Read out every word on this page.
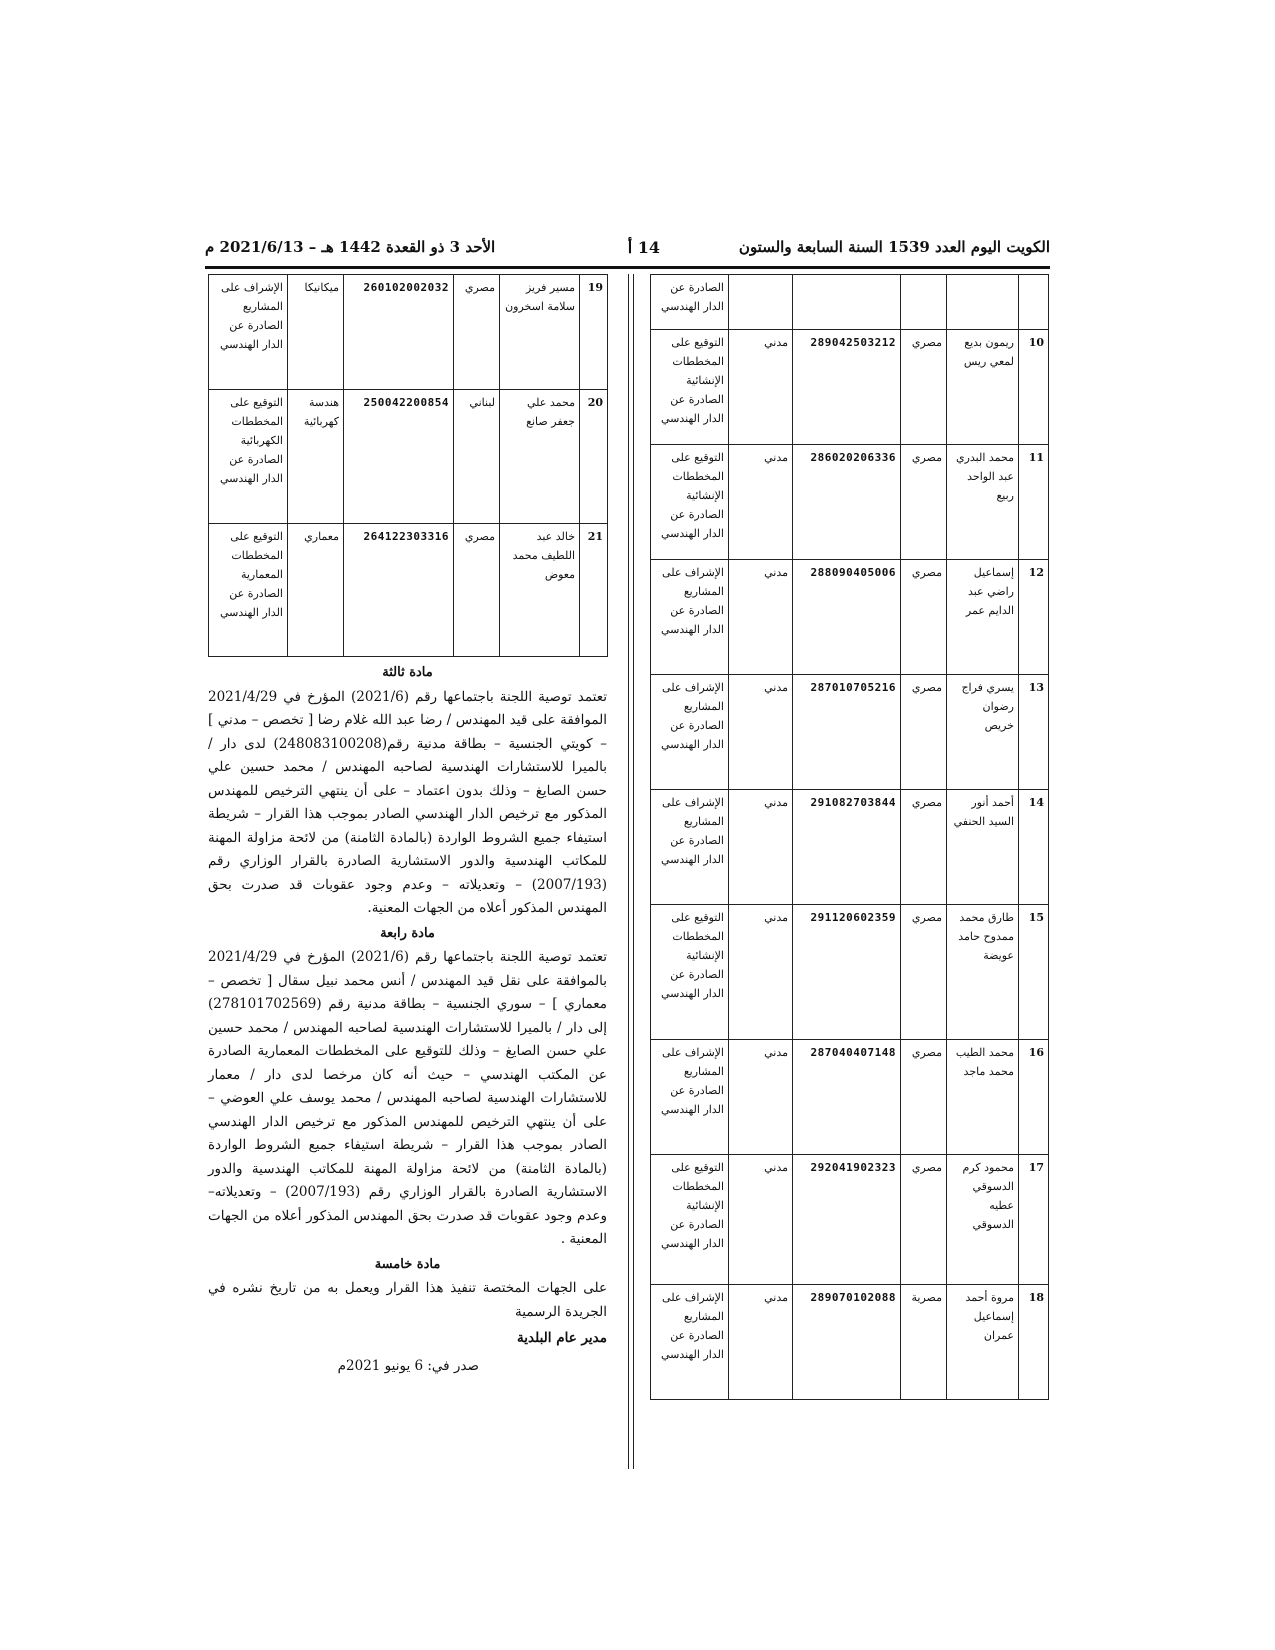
الكويت اليوم العدد 1539 السنة السابعة والستون
14 أ
الأحد 3 ذو القعدة 1442 هـ – 2021/6/13 م
					الصادرة عن الدار الهندسي
10	ريمون بديع لمعي ريس	مصري	289042503212	مدني	التوقيع على المخططات الإنشائية الصادرة عن الدار الهندسي
11	محمد البدري عبد الواحد ربيع	مصري	286020206336	مدني	التوقيع على المخططات الإنشائية الصادرة عن الدار الهندسي
12	إسماعيل راضي عبد الدايم عمر	مصري	288090405006	مدني	الإشراف على المشاريع الصادرة عن الدار الهندسي
13	يسري فراج رضوان خريص	مصري	287010705216	مدني	الإشراف على المشاريع الصادرة عن الدار الهندسي
14	أحمد أنور السيد الحنفي	مصري	291082703844	مدني	الإشراف على المشاريع الصادرة عن الدار الهندسي
15	طارق محمد ممدوح حامد عويضة	مصري	291120602359	مدني	التوقيع على المخططات الإنشائية الصادرة عن الدار الهندسي
16	محمد الطيب محمد ماجد	مصري	287040407148	مدني	الإشراف على المشاريع الصادرة عن الدار الهندسي
17	محمود كرم الدسوقي عطيه الدسوقي	مصري	292041902323	مدني	التوقيع على المخططات الإنشائية الصادرة عن الدار الهندسي
18	مروة أحمد إسماعيل عمران	مصرية	289070102088	مدني	الإشراف على المشاريع الصادرة عن الدار الهندسي
19	مسير فريز سلامة اسخرون	مصري	260102002032	ميكانيكا	الإشراف على المشاريع الصادرة عن الدار الهندسي
20	محمد علي جعفر صانع	لبناني	250042200854	هندسة كهربائية	التوقيع على المخططات الكهربائية الصادرة عن الدار الهندسي
21	خالد عبد اللطيف محمد معوض	مصري	264122303316	معماري	التوقيع على المخططات المعمارية الصادرة عن الدار الهندسي

مادة ثالثة

تعتمد توصية اللجنة باجتماعها رقم (2021/6) المؤرخ في 2021/4/29 الموافقة على قيد المهندس / رضا عبد الله غلام رضا [ تخصص – مدني ] – كويتي الجنسية – بطاقة مدنية رقم(248083100208) لدى دار / بالميرا للاستشارات الهندسية لصاحبه المهندس / محمد حسين علي حسن الصايغ – وذلك بدون اعتماد – على أن ينتهي الترخيص للمهندس المذكور مع ترخيص الدار الهندسي الصادر بموجب هذا القرار – شريطة استيفاء جميع الشروط الواردة (بالمادة الثامنة) من لائحة مزاولة المهنة للمكاتب الهندسية والدور الاستشارية الصادرة بالقرار الوزاري رقم (2007/193) – وتعديلاته – وعدم وجود عقوبات قد صدرت بحق المهندس المذكور أعلاه من الجهات المعنية.

مادة رابعة

تعتمد توصية اللجنة باجتماعها رقم (2021/6) المؤرخ في 2021/4/29 بالموافقة على نقل قيد المهندس / أنس محمد نبيل سقال [ تخصص – معماري ] – سوري الجنسية – بطاقة مدنية رقم (278101702569) إلى دار / بالميرا للاستشارات الهندسية لصاحبه المهندس / محمد حسين علي حسن الصايغ – وذلك للتوقيع على المخططات المعمارية الصادرة عن المكتب الهندسي – حيث أنه كان مرخصا لدى دار / معمار للاستشارات الهندسية لصاحبه المهندس / محمد يوسف علي العوضي – على أن ينتهي الترخيص للمهندس المذكور مع ترخيص الدار الهندسي الصادر بموجب هذا القرار – شريطة استيفاء جميع الشروط الواردة (بالمادة الثامنة) من لائحة مزاولة المهنة للمكاتب الهندسية والدور الاستشارية الصادرة بالقرار الوزاري رقم (2007/193) – وتعديلاته– وعدم وجود عقوبات قد صدرت بحق المهندس المذكور أعلاه من الجهات المعنية .

مادة خامسة

على الجهات المختصة تنفيذ هذا القرار ويعمل به من تاريخ نشره في الجريدة الرسمية

مدير عام البلدية
صدر في: 6 يونيو 2021م
